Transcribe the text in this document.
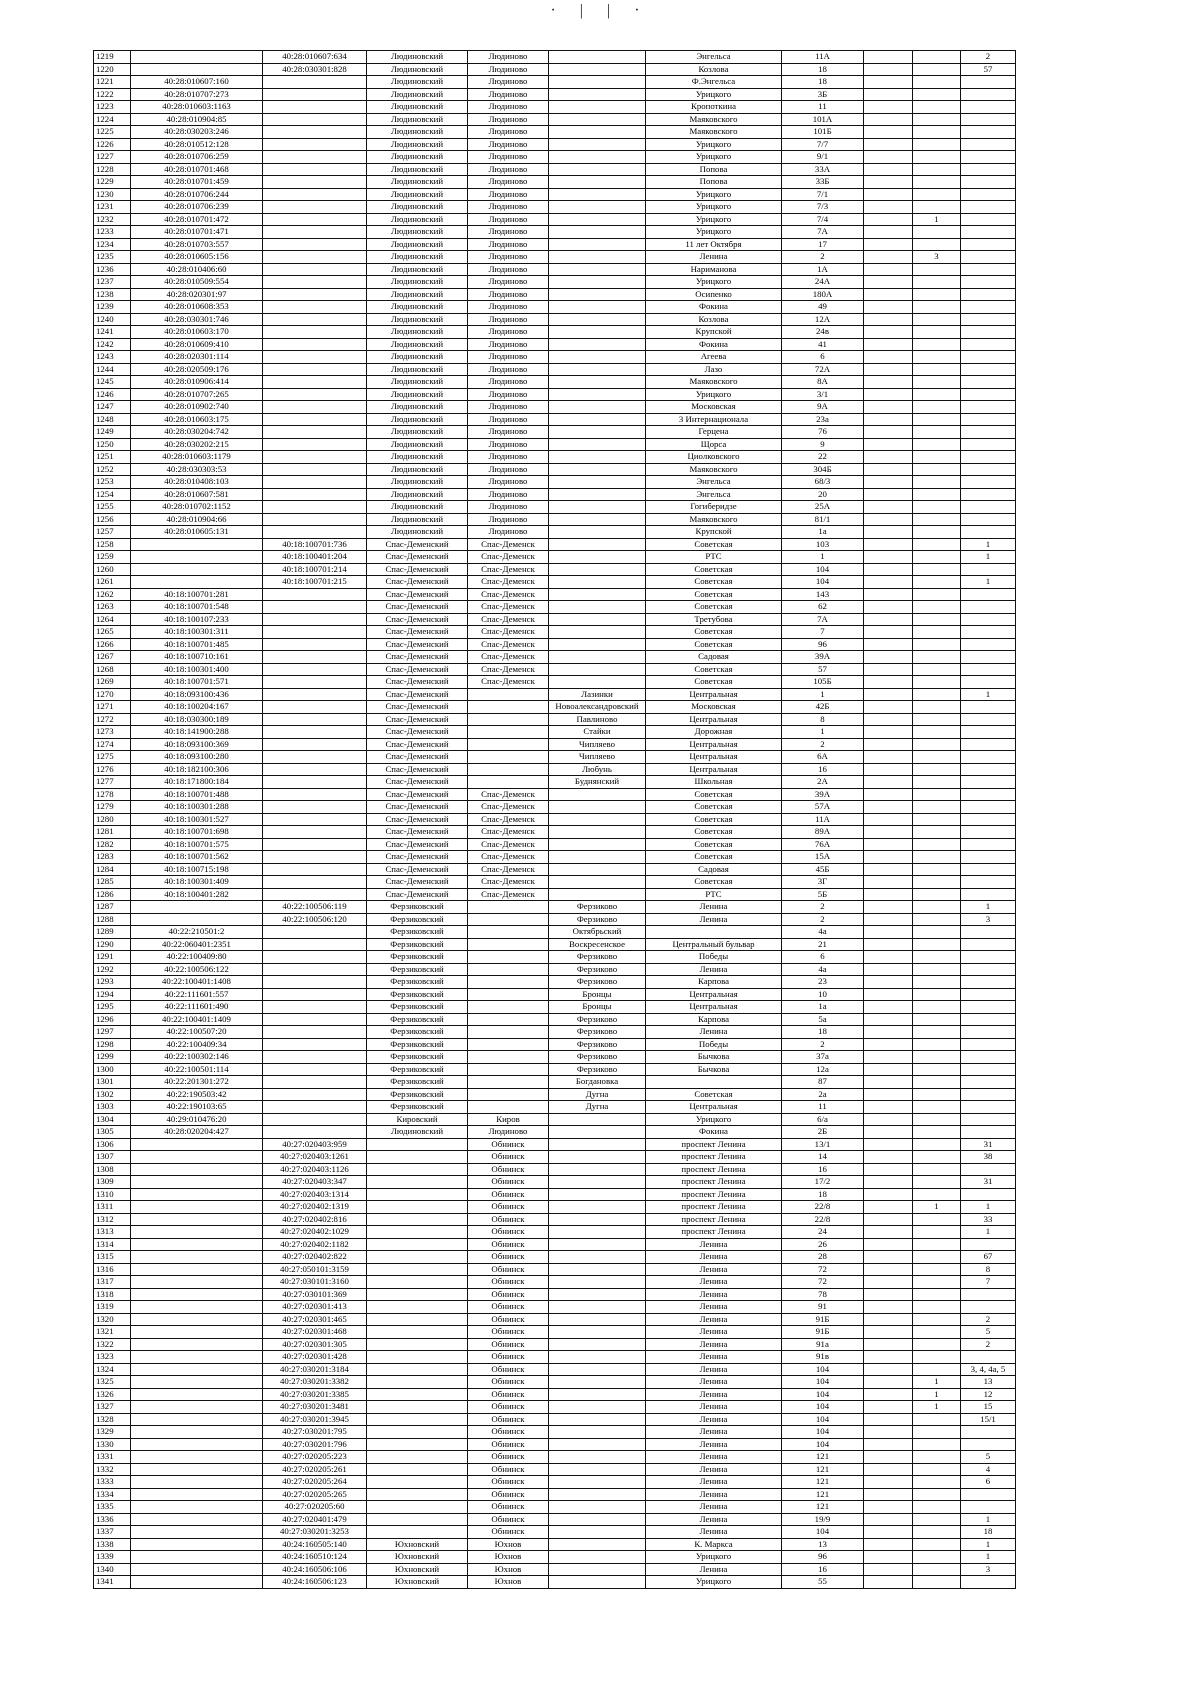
· | | ·
1219		40:28:010607:634	Людиновский	Людиново		Энгельса	11А			2
1220		40:28:030301:828	Людиновский	Людиново		Козлова	18			57
1221	40:28:010607:160		Людиновский	Людиново		Ф.Энгельса	18			
1222	40:28:010707:273		Людиновский	Людиново		Урицкого	3Б			
1223	40:28:010603:1163		Людиновский	Людиново		Кропоткина	11			
1224	40:28:010904:85		Людиновский	Людиново		Маяковского	101А			
1225	40:28:030203:246		Людиновский	Людиново		Маяковского	101Б			
1226	40:28:010512:128		Людиновский	Людиново		Урицкого	7/7			
1227	40:28:010706:259		Людиновский	Людиново		Урицкого	9/1			
1228	40:28:010701:468		Людиновский	Людиново		Попова	33А			
1229	40:28:010701:459		Людиновский	Людиново		Попова	33Б			
1230	40:28:010706:244		Людиновский	Людиново		Урицкого	7/1			
1231	40:28:010706:239		Людиновский	Людиново		Урицкого	7/3			
1232	40:28:010701:472		Людиновский	Людиново		Урицкого	7/4		1	
1233	40:28:010701:471		Людиновский	Людиново		Урицкого	7А			
1234	40:28:010703:557		Людиновский	Людиново		11 лет Октября	17			
1235	40:28:010605:156		Людиновский	Людиново		Ленина	2		3	
1236	40:28:010406:60		Людиновский	Людиново		Нариманова	1А			
1237	40:28:010509:554		Людиновский	Людиново		Урицкого	24А			
1238	40:28:020301:97		Людиновский	Людиново		Осипенко	180А			
1239	40:28:010608:353		Людиновский	Людиново		Фокина	49			
1240	40:28:030301:746		Людиновский	Людиново		Козлова	12А			
1241	40:28:010603:170		Людиновский	Людиново		Крупской	24в			
1242	40:28:010609:410		Людиновский	Людиново		Фокина	41			
1243	40:28:020301:114		Людиновский	Людиново		Агеева	6			
1244	40:28:020509:176		Людиновский	Людиново		Лазо	72А			
1245	40:28:010906:414		Людиновский	Людиново		Маяковского	8А			
1246	40:28:010707:265		Людиновский	Людиново		Урицкого	3/1			
1247	40:28:010902:740		Людиновский	Людиново		Московская	9А			
1248	40:28:010603:175		Людиновский	Людиново		3 Интернационала	23а			
1249	40:28:030204:742		Людиновский	Людиново		Герцена	76			
1250	40:28:030202:215		Людиновский	Людиново		Щорса	9			
1251	40:28:010603:1179		Людиновский	Людиново		Циолковского	22			
1252	40:28:030303:53		Людиновский	Людиново		Маяковского	304Б			
1253	40:28:010408:103		Людиновский	Людиново		Энгельса	68/3			
1254	40:28:010607:581		Людиновский	Людиново		Энгельса	20			
1255	40:28:010702:1152		Людиновский	Людиново		Гогиберидзе	25А			
1256	40:28:010904:66		Людиновский	Людиново		Маяковского	81/1			
1257	40:28:010605:131		Людиновский	Людиново		Крупской	1а			
1258		40:18:100701:736	Спас-Деменский	Спас-Деменск		Советская	103			1
1259		40:18:100401:204	Спас-Деменский	Спас-Деменск		РТС	1			1
1260		40:18:100701:214	Спас-Деменский	Спас-Деменск		Советская	104			
1261		40:18:100701:215	Спас-Деменский	Спас-Деменск		Советская	104			1
1262	40:18:100701:281		Спас-Деменский	Спас-Деменск		Советская	143			
1263	40:18:100701:548		Спас-Деменский	Спас-Деменск		Советская	62			
1264	40:18:100107:233		Спас-Деменский	Спас-Деменск		Третубова	7А			
1265	40:18:100301:311		Спас-Деменский	Спас-Деменск		Советская	7			
1266	40:18:100701:485		Спас-Деменский	Спас-Деменск		Советская	96			
1267	40:18:100710:161		Спас-Деменский	Спас-Деменск		Садовая	39А			
1268	40:18:100301:400		Спас-Деменский	Спас-Деменск		Советская	57			
1269	40:18:100701:571		Спас-Деменский	Спас-Деменск		Советская	105Б			
1270	40:18:093100:436		Спас-Деменский		Лазинки	Центральная	1			1
1271	40:18:100204:167		Спас-Деменский		Новоалександровский	Московская	42Б			
1272	40:18:030300:189		Спас-Деменский		Павлиново	Центральная	8			
1273	40:18:141900:288		Спас-Деменский		Стайки	Дорожная	1			
1274	40:18:093100:369		Спас-Деменский		Чипляево	Центральная	2			
1275	40:18:093100:280		Спас-Деменский		Чипляево	Центральная	6А			
1276	40:18:182100:306		Спас-Деменский		Любунь	Центральная	16			
1277	40:18:171800:184		Спас-Деменский		Буднянский	Школьная	2А			
1278	40:18:100701:488		Спас-Деменский	Спас-Деменск		Советская	39А			
1279	40:18:100301:288		Спас-Деменский	Спас-Деменск		Советская	57А			
1280	40:18:100301:527		Спас-Деменский	Спас-Деменск		Советская	11А			
1281	40:18:100701:698		Спас-Деменский	Спас-Деменск		Советская	89А			
1282	40:18:100701:575		Спас-Деменский	Спас-Деменск		Советская	76А			
1283	40:18:100701:562		Спас-Деменский	Спас-Деменск		Советская	15А			
1284	40:18:100715:198		Спас-Деменский	Спас-Деменск		Садовая	45Б			
1285	40:18:100301:409		Спас-Деменский	Спас-Деменск		Советская	3Г			
1286	40:18:100401:282		Спас-Деменский	Спас-Деменск		РТС	5Б			
1287		40:22:100506:119	Ферзиковский		Ферзиково	Ленина	2			1
1288		40:22:100506:120	Ферзиковский		Ферзиково	Ленина	2			3
1289	40:22:210501:2		Ферзиковский		Октябрьский		4а			
1290	40:22:060401:2351		Ферзиковский		Воскресенское	Центральный бульвар	21			
1291	40:22:100409:80		Ферзиковский		Ферзиково	Победы	6			
1292	40:22:100506:122		Ферзиковский		Ферзиково	Ленина	4а			
1293	40:22:100401:1408		Ферзиковский		Ферзиково	Карпова	23			
1294	40:22:111601:557		Ферзиковский		Бронцы	Центральная	10			
1295	40:22:111601:490		Ферзиковский		Бронцы	Центральная	1а			
1296	40:22:100401:1409		Ферзиковский		Ферзиково	Карпова	5а			
1297	40:22:100507:20		Ферзиковский		Ферзиково	Ленина	18			
1298	40:22:100409:34		Ферзиковский		Ферзиково	Победы	2			
1299	40:22:100302:146		Ферзиковский		Ферзиково	Бычкова	37а			
1300	40:22:100501:114		Ферзиковский		Ферзиково	Бычкова	12а			
1301	40:22:201301:272		Ферзиковский		Богдановка		87			
1302	40:22:190503:42		Ферзиковский		Дугна	Советская	2а			
1303	40:22:190103:65		Ферзиковский		Дугна	Центральная	11			
1304	40:29:010476:20		Кировский	Киров		Урицкого	6/а			
1305	40:28:020204:427		Людиновский	Людиново		Фокина	2Б			
1306		40:27:020403:959		Обнинск		проспект Ленина	13/1			31
1307		40:27:020403:1261		Обнинск		проспект Ленина	14			38
1308		40:27:020403:1126		Обнинск		проспект Ленина	16			
1309		40:27:020403:347		Обнинск		проспект Ленина	17/2			31
1310		40:27:020403:1314		Обнинск		проспект Ленина	18			
1311		40:27:020402:1319		Обнинск		проспект Ленина	22/8		1	1
1312		40:27:020402:816		Обнинск		проспект Ленина	22/8			33
1313		40:27:020402:1029		Обнинск		проспект Ленина	24			1
1314		40:27:020402:1182		Обнинск		Ленина	26			
1315		40:27:020402:822		Обнинск		Ленина	28			67
1316		40:27:050101:3159		Обнинск		Ленина	72			8
1317		40:27:030101:3160		Обнинск		Ленина	72			7
1318		40:27:030101:369		Обнинск		Ленина	78			
1319		40:27:020301:413		Обнинск		Ленина	91			
1320		40:27:020301:465		Обнинск		Ленина	91Б			2
1321		40:27:020301:468		Обнинск		Ленина	91Б			5
1322		40:27:020301:305		Обнинск		Ленина	91а			2
1323		40:27:020301:428		Обнинск		Ленина	91в			
1324		40:27:030201:3184		Обнинск		Ленина	104			3, 4, 4а, 5
1325		40:27:030201:3382		Обнинск		Ленина	104		1	13
1326		40:27:030201:3385		Обнинск		Ленина	104		1	12
1327		40:27:030201:3481		Обнинск		Ленина	104		1	15
1328		40:27:030201:3945		Обнинск		Ленина	104			15/1
1329		40:27:030201:795		Обнинск		Ленина	104			
1330		40:27:030201:796		Обнинск		Ленина	104			
1331		40:27:020205:223		Обнинск		Ленина	121			5
1332		40:27:020205:261		Обнинск		Ленина	121			4
1333		40:27:020205:264		Обнинск		Ленина	121			6
1334		40:27:020205:265		Обнинск		Ленина	121			
1335		40:27:020205:60		Обнинск		Ленина	121			
1336		40:27:020401:479		Обнинск		Ленина	19/9			1
1337		40:27:030201:3253		Обнинск		Ленина	104			18
1338		40:24:160505:140	Юхновский	Юхнов		К. Маркса	13			1
1339		40:24:160510:124	Юхновский	Юхнов		Урицкого	96			1
1340		40:24:160506:106	Юхновский	Юхнов		Ленина	16			3
1341		40:24:160506:123	Юхновский	Юхнов		Урицкого	55			
